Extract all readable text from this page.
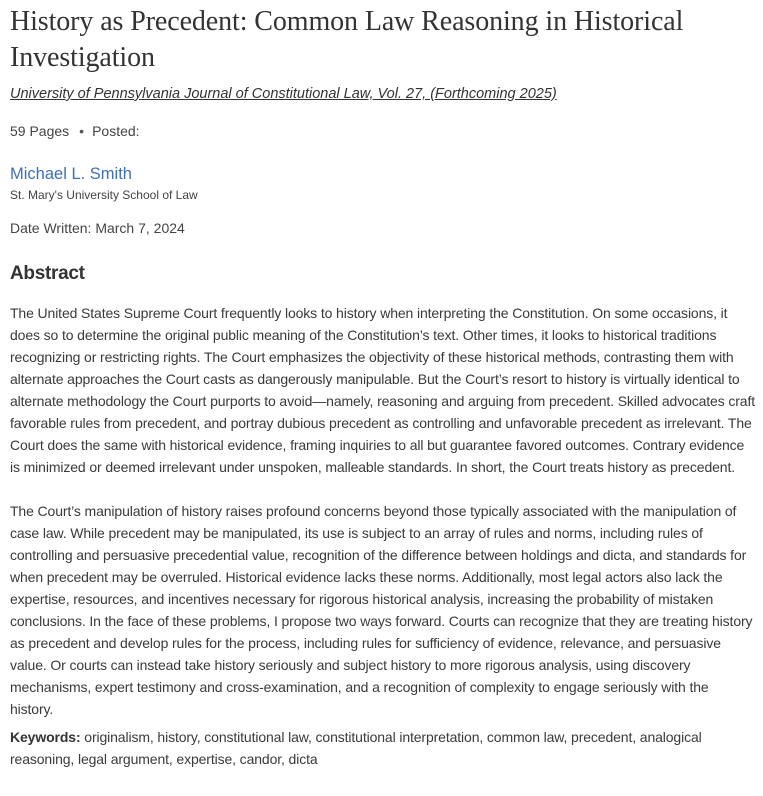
History as Precedent: Common Law Reasoning in Historical Investigation
University of Pennsylvania Journal of Constitutional Law, Vol. 27, (Forthcoming 2025)
59 Pages • Posted:
Michael L. Smith
St. Mary's University School of Law
Date Written: March 7, 2024
Abstract

The United States Supreme Court frequently looks to history when interpreting the Constitution. On some occasions, it does so to determine the original public meaning of the Constitution’s text. Other times, it looks to historical traditions recognizing or restricting rights. The Court emphasizes the objectivity of these historical methods, contrasting them with alternate approaches the Court casts as dangerously manipulable. But the Court’s resort to history is virtually identical to alternate methodology the Court purports to avoid—namely, reasoning and arguing from precedent. Skilled advocates craft favorable rules from precedent, and portray dubious precedent as controlling and unfavorable precedent as irrelevant. The Court does the same with historical evidence, framing inquiries to all but guarantee favored outcomes. Contrary evidence is minimized or deemed irrelevant under unspoken, malleable standards. In short, the Court treats history as precedent.

The Court’s manipulation of history raises profound concerns beyond those typically associated with the manipulation of case law. While precedent may be manipulated, its use is subject to an array of rules and norms, including rules of controlling and persuasive precedential value, recognition of the difference between holdings and dicta, and standards for when precedent may be overruled. Historical evidence lacks these norms. Additionally, most legal actors also lack the expertise, resources, and incentives necessary for rigorous historical analysis, increasing the probability of mistaken conclusions. In the face of these problems, I propose two ways forward. Courts can recognize that they are treating history as precedent and develop rules for the process, including rules for sufficiency of evidence, relevance, and persuasive value. Or courts can instead take history seriously and subject history to more rigorous analysis, using discovery mechanisms, expert testimony and cross-examination, and a recognition of complexity to engage seriously with the history.

Keywords: originalism, history, constitutional law, constitutional interpretation, common law, precedent, analogical reasoning, legal argument, expertise, candor, dicta
